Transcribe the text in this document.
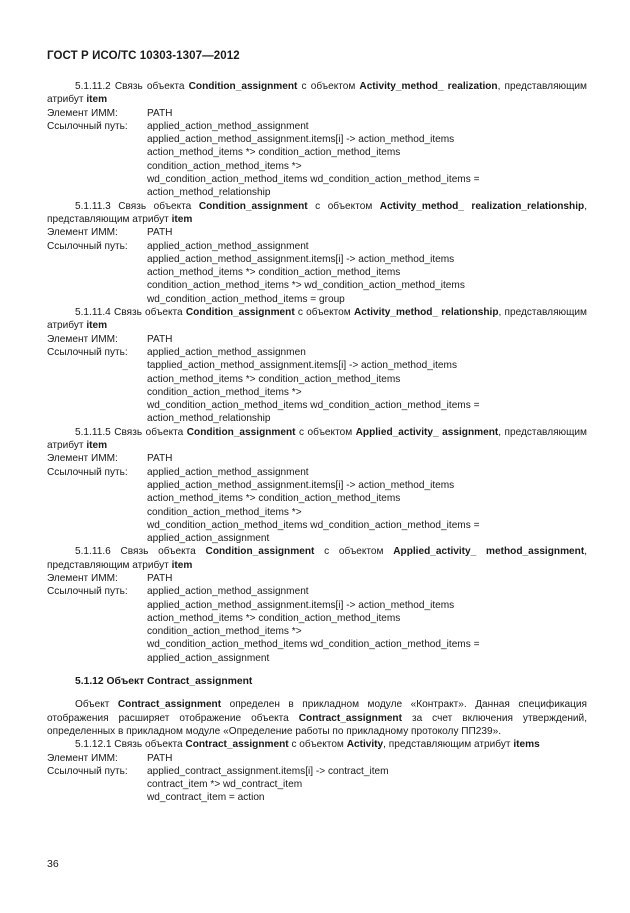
ГОСТ Р ИСО/ТС 10303-1307—2012

5.1.11.2 Связь объекта Condition_assignment с объектом Activity_method_ realization, представляющим атрибут item

Элемент ИММ:	PATH
Ссылочный путь:	applied_action_method_assignment
applied_action_method_assignment.items[i] -> action_method_items
action_method_items *> condition_action_method_items
condition_action_method_items *>
wd_condition_action_method_items wd_condition_action_method_items =
action_method_relationship

5.1.11.3 Связь объекта Condition_assignment с объектом Activity_method_ realization_relationship, представляющим атрибут item

Элемент ИММ:	PATH
Ссылочный путь:	applied_action_method_assignment
applied_action_method_assignment.items[i] -> action_method_items
action_method_items *> condition_action_method_items
condition_action_method_items *> wd_condition_action_method_items
wd_condition_action_method_items = group

5.1.11.4 Связь объекта Condition_assignment с объектом Activity_method_ relationship, представляющим атрибут item

Элемент ИММ:	PATH
Ссылочный путь:	applied_action_method_assignmen
tapplied_action_method_assignment.items[i] -> action_method_items
action_method_items *> condition_action_method_items
condition_action_method_items *>
wd_condition_action_method_items wd_condition_action_method_items =
action_method_relationship

5.1.11.5 Связь объекта Condition_assignment с объектом Applied_activity_ assignment, представляющим атрибут item

Элемент ИММ:	PATH
Ссылочный путь:	applied_action_method_assignment
applied_action_method_assignment.items[i] -> action_method_items
action_method_items *> condition_action_method_items
condition_action_method_items *>
wd_condition_action_method_items wd_condition_action_method_items =
applied_action_assignment

5.1.11.6 Связь объекта Condition_assignment с объектом Applied_activity_ method_assignment, представляющим атрибут item

Элемент ИММ:	PATH
Ссылочный путь:	applied_action_method_assignment
applied_action_method_assignment.items[i] -> action_method_items
action_method_items *> condition_action_method_items
condition_action_method_items *>
wd_condition_action_method_items wd_condition_action_method_items =
applied_action_assignment
5.1.12 Объект Contract_assignment

Объект Contract_assignment определен в прикладном модуле «Контракт». Данная спецификация отображения расширяет отображение объекта Contract_assignment за счет включения утверждений, определенных в прикладном модуле «Определение работы по прикладному протоколу ПП239».

5.1.12.1 Связь объекта Contract_assignment с объектом Activity, представляющим атрибут items

Элемент ИММ:	PATH
Ссылочный путь:	applied_contract_assignment.items[i] -> contract_item
contract_item *> wd_contract_item
wd_contract_item = action
36
